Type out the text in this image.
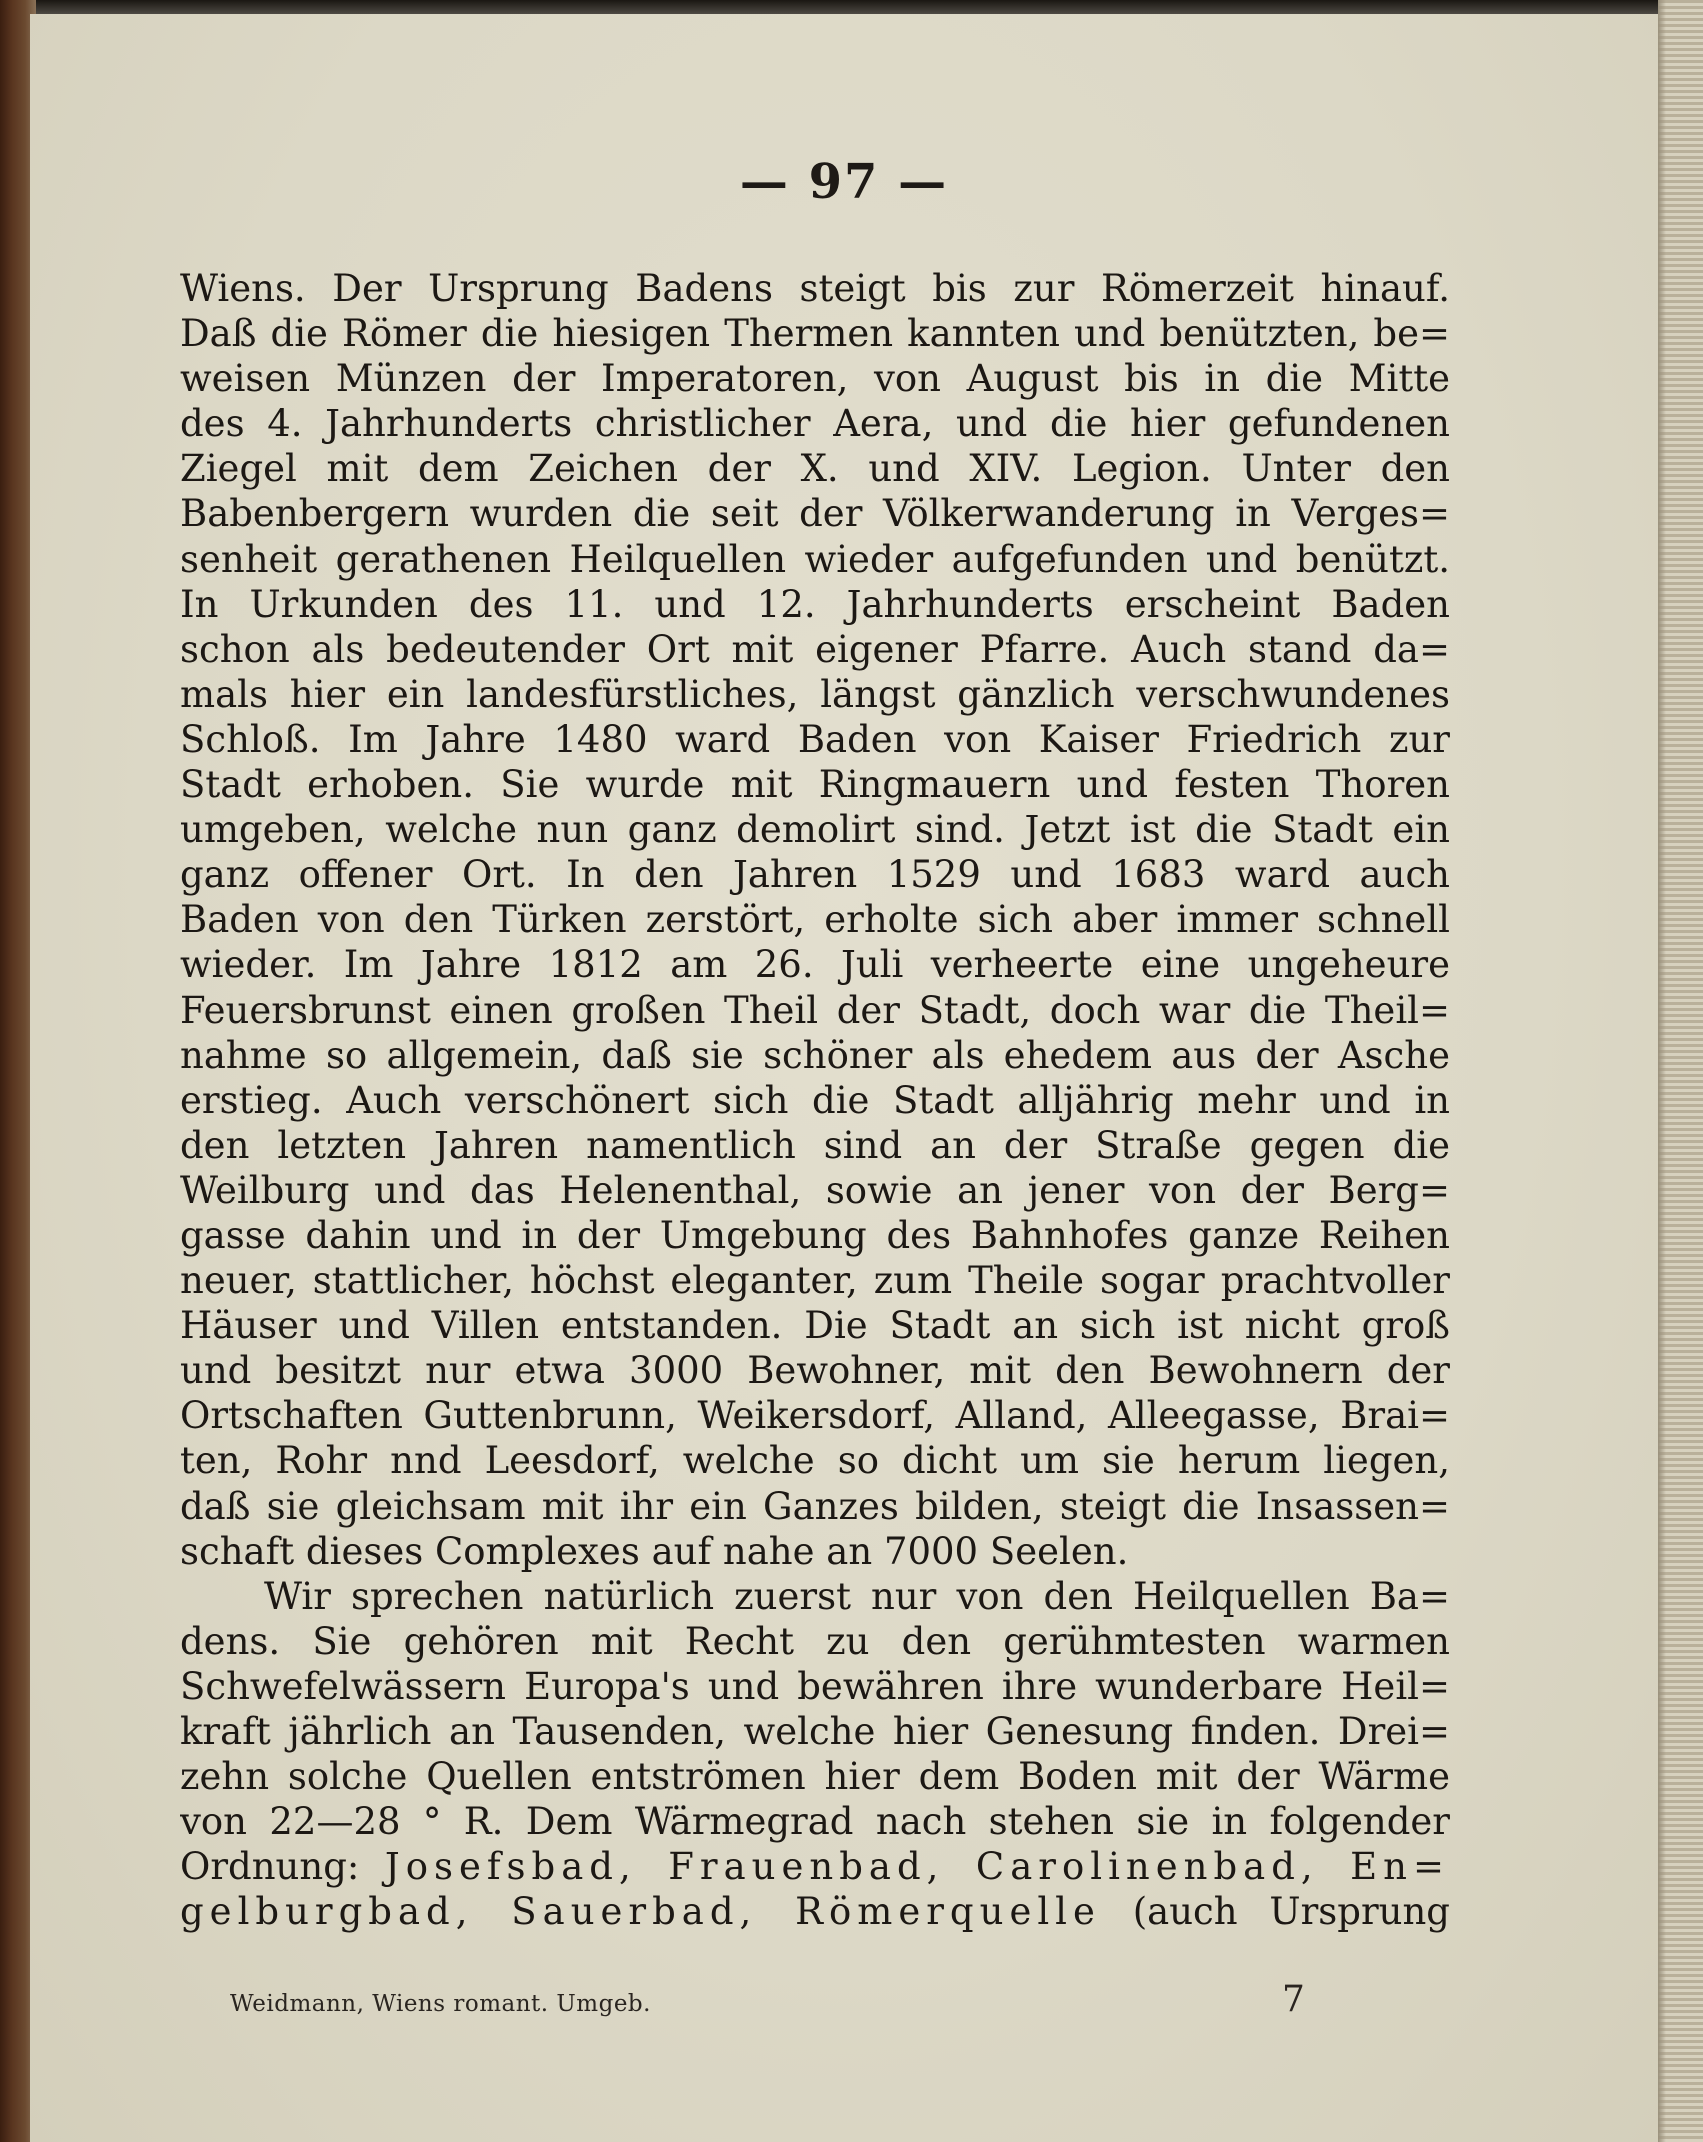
— 97 —
Wiens. Der Ursprung Badens steigt bis zur Römerzeit hinauf.
Daß die Römer die hiesigen Thermen kannten und benützten, be=
weisen Münzen der Imperatoren, von August bis in die Mitte
des 4. Jahrhunderts christlicher Aera, und die hier gefundenen
Ziegel mit dem Zeichen der X. und XIV. Legion. Unter den
Babenbergern wurden die seit der Völkerwanderung in Verges=
senheit gerathenen Heilquellen wieder aufgefunden und benützt.
In Urkunden des 11. und 12. Jahrhunderts erscheint Baden
schon als bedeutender Ort mit eigener Pfarre. Auch stand da=
mals hier ein landesfürstliches, längst gänzlich verschwundenes
Schloß. Im Jahre 1480 ward Baden von Kaiser Friedrich zur
Stadt erhoben. Sie wurde mit Ringmauern und festen Thoren
umgeben, welche nun ganz demolirt sind. Jetzt ist die Stadt ein
ganz offener Ort. In den Jahren 1529 und 1683 ward auch
Baden von den Türken zerstört, erholte sich aber immer schnell
wieder. Im Jahre 1812 am 26. Juli verheerte eine ungeheure
Feuersbrunst einen großen Theil der Stadt, doch war die Theil=
nahme so allgemein, daß sie schöner als ehedem aus der Asche
erstieg. Auch verschönert sich die Stadt alljährig mehr und in
den letzten Jahren namentlich sind an der Straße gegen die
Weilburg und das Helenenthal, sowie an jener von der Berg=
gasse dahin und in der Umgebung des Bahnhofes ganze Reihen
neuer, stattlicher, höchst eleganter, zum Theile sogar prachtvoller
Häuser und Villen entstanden. Die Stadt an sich ist nicht groß
und besitzt nur etwa 3000 Bewohner, mit den Bewohnern der
Ortschaften Guttenbrunn, Weikersdorf, Alland, Alleegasse, Brai=
ten, Rohr nnd Leesdorf, welche so dicht um sie herum liegen,
daß sie gleichsam mit ihr ein Ganzes bilden, steigt die Insassen=
schaft dieses Complexes auf nahe an 7000 Seelen.
Wir sprechen natürlich zuerst nur von den Heilquellen Ba=
dens. Sie gehören mit Recht zu den gerühmtesten warmen
Schwefelwässern Europa's und bewähren ihre wunderbare Heil=
kraft jährlich an Tausenden, welche hier Genesung finden. Drei=
zehn solche Quellen entströmen hier dem Boden mit der Wärme
von 22—28 ° R. Dem Wärmegrad nach stehen sie in folgender
Ordnung: Josefsbad, Frauenbad, Carolinenbad, En=
gelburgbad, Sauerbad, Römerquelle (auch Ursprung
Weidmann, Wiens romant. Umgeb.	7
